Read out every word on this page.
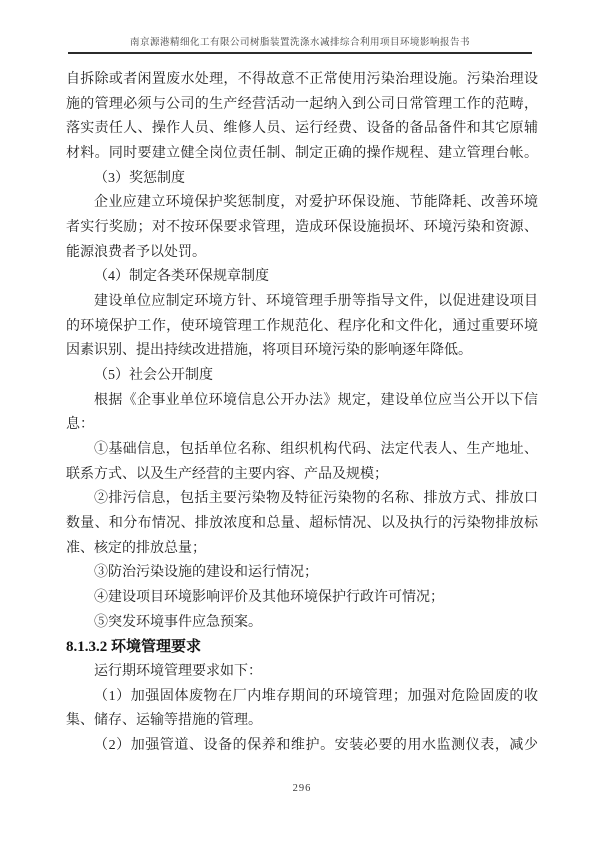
南京源港精细化工有限公司树脂装置洗涤水减排综合利用项目环境影响报告书
自拆除或者闲置废水处理，不得故意不正常使用污染治理设施。污染治理设
施的管理必须与公司的生产经营活动一起纳入到公司日常管理工作的范畴，
落实责任人、操作人员、维修人员、运行经费、设备的备品备件和其它原辅
材料。同时要建立健全岗位责任制、制定正确的操作规程、建立管理台帐。
（3）奖惩制度
企业应建立环境保护奖惩制度，对爱护环保设施、节能降耗、改善环境
者实行奖励；对不按环保要求管理，造成环保设施损坏、环境污染和资源、
能源浪费者予以处罚。
（4）制定各类环保规章制度
建设单位应制定环境方针、环境管理手册等指导文件，以促进建设项目
的环境保护工作，使环境管理工作规范化、程序化和文件化，通过重要环境
因素识别、提出持续改进措施，将项目环境污染的影响逐年降低。
（5）社会公开制度
根据《企事业单位环境信息公开办法》规定，建设单位应当公开以下信
息：
①基础信息，包括单位名称、组织机构代码、法定代表人、生产地址、
联系方式、以及生产经营的主要内容、产品及规模；
②排污信息，包括主要污染物及特征污染物的名称、排放方式、排放口
数量、和分布情况、排放浓度和总量、超标情况、以及执行的污染物排放标
准、核定的排放总量；
③防治污染设施的建设和运行情况；
④建设项目环境影响评价及其他环境保护行政许可情况；
⑤突发环境事件应急预案。
8.1.3.2 环境管理要求
运行期环境管理要求如下：
（1）加强固体废物在厂内堆存期间的环境管理；加强对危险固废的收
集、储存、运输等措施的管理。
（2）加强管道、设备的保养和维护。安装必要的用水监测仪表，减少
296
